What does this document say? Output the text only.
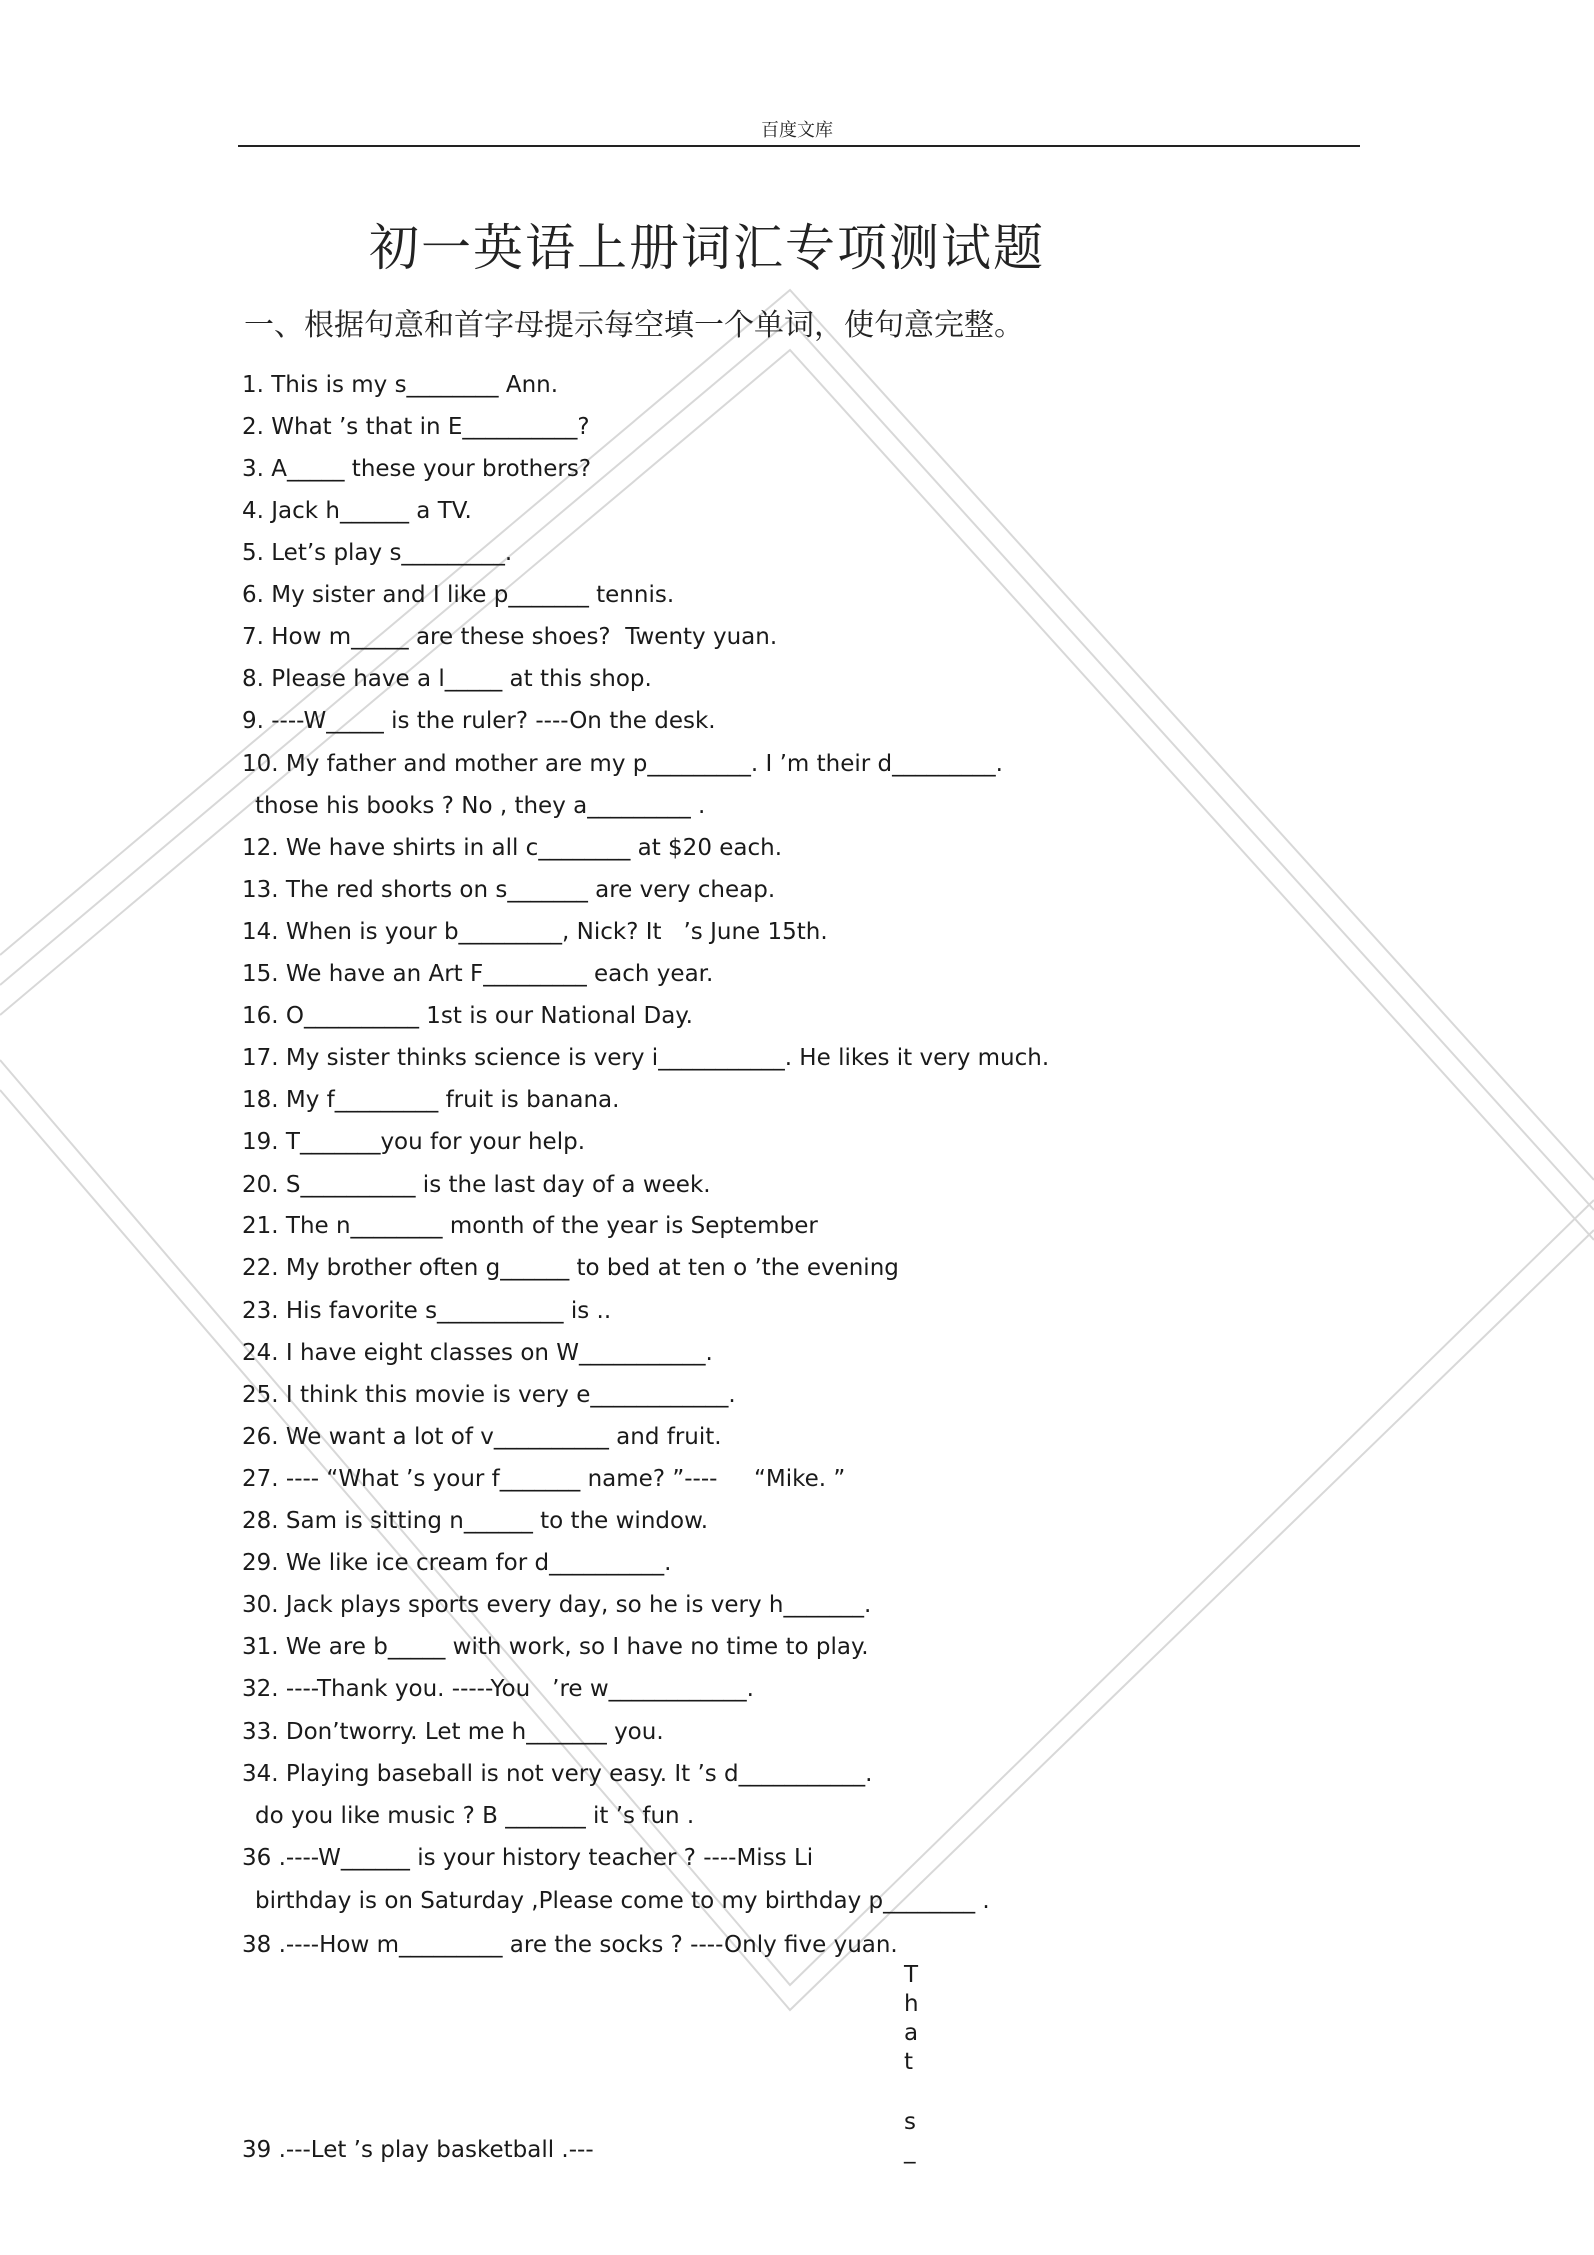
百度文库
初一英语上册词汇专项测试题
一、根据句意和首字母提示每空填一个单词，使句意完整。
1. This is my s________ Ann.
2. What ’s that in E__________?
3. A_____ these your brothers?
4. Jack h______ a TV.
5. Let’s play s_________.
6. My sister and I like p_______ tennis.
7. How m_____ are these shoes?  Twenty yuan.
8. Please have a l_____ at this shop.
9. ----W_____ is the ruler? ----On the desk.
10. My father and mother are my p_________. I ’m their d_________.
those his books ? No , they a_________ .
12. We have shirts in all c________ at $20 each.
13. The red shorts on s_______ are very cheap.
14. When is your b_________, Nick? It   ’s June 15th.
15. We have an Art F_________ each year.
16. O__________ 1st is our National Day.
17. My sister thinks science is very i___________. He likes it very much.
18. My f_________ fruit is banana.
19. T_______you for your help.
20. S__________ is the last day of a week.
21. The n________ month of the year is September
22. My brother often g______ to bed at ten o ’the evening
23. His favorite s___________ is ..
24. I have eight classes on W___________.
25. I think this movie is very e____________.
26. We want a lot of v__________ and fruit.
27. ---- “What ’s your f_______ name? ”----     “Mike. ”
28. Sam is sitting n______ to the window.
29. We like ice cream for d__________.
30. Jack plays sports every day, so he is very h_______.
31. We are b_____ with work, so I have no time to play.
32. ----Thank you. -----You   ’re w____________.
33. Don’tworry. Let me h_______ you.
34. Playing baseball is not very easy. It ’s d___________.
do you like music ? B _______ it ’s fun .
36 .----W______ is your history teacher ? ----Miss Li
birthday is on Saturday ,Please come to my birthday p________ .
38 .----How m_________ are the socks ? ----Only five yuan.
39 .---Let ’s play basketball .---
T
h
a
t
s
_
